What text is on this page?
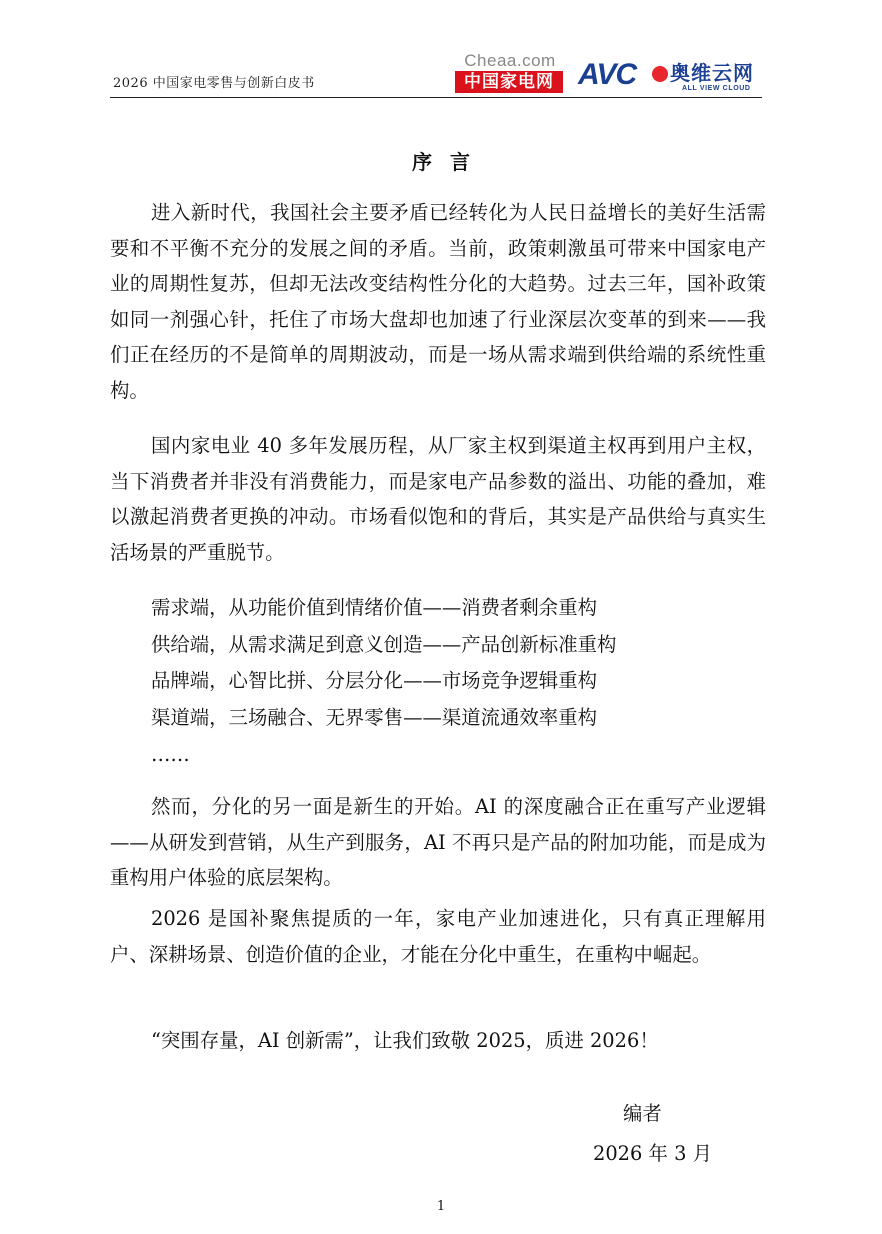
2026 中国家电零售与创新白皮书
Cheaa.com
中国家电网 AVC 奥维云网
ALL VIEW CLOUD
序言
进入新时代，我国社会主要矛盾已经转化为人民日益增长的美好生活需要和不平衡不充分的发展之间的矛盾。当前，政策刺激虽可带来中国家电产业的周期性复苏，但却无法改变结构性分化的大趋势。过去三年，国补政策如同一剂强心针，托住了市场大盘却也加速了行业深层次变革的到来——我们正在经历的不是简单的周期波动，而是一场从需求端到供给端的系统性重构。
国内家电业 40 多年发展历程，从厂家主权到渠道主权再到用户主权，当下消费者并非没有消费能力，而是家电产品参数的溢出、功能的叠加，难以激起消费者更换的冲动。市场看似饱和的背后，其实是产品供给与真实生活场景的严重脱节。
需求端，从功能价值到情绪价值——消费者剩余重构
供给端，从需求满足到意义创造——产品创新标准重构
品牌端，心智比拼、分层分化——市场竞争逻辑重构
渠道端，三场融合、无界零售——渠道流通效率重构
……
然而，分化的另一面是新生的开始。AI 的深度融合正在重写产业逻辑——从研发到营销，从生产到服务，AI 不再只是产品的附加功能，而是成为重构用户体验的底层架构。
2026 是国补聚焦提质的一年，家电产业加速进化，只有真正理解用户、深耕场景、创造价值的企业，才能在分化中重生，在重构中崛起。
“突围存量，AI 创新需”，让我们致敬 2025，质进 2026！
编者
2026 年 3 月
1
